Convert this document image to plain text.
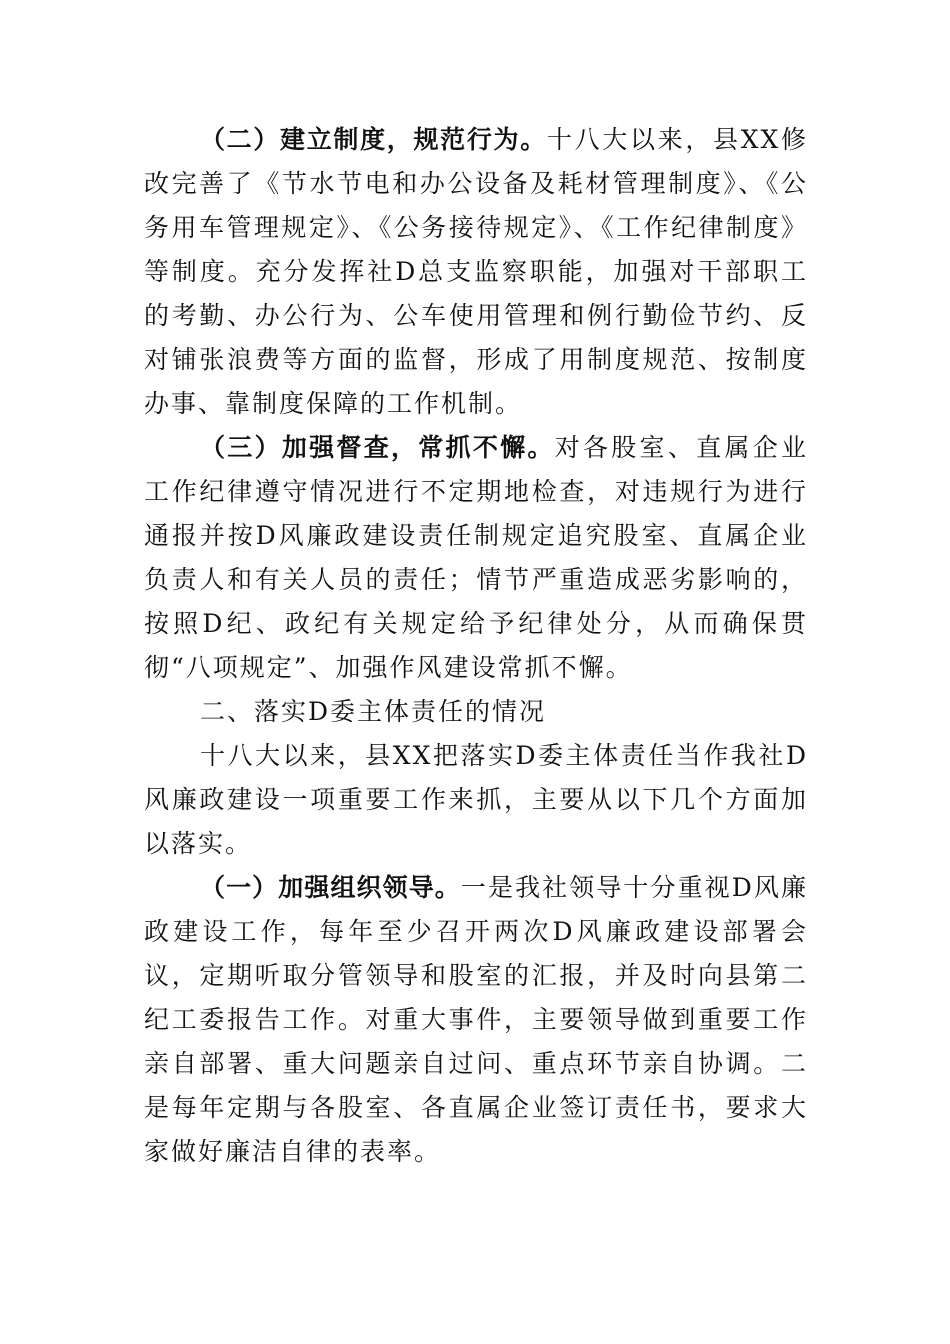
（二）建立制度，规范行为。十八大以来，县XX修改完善了《节水节电和办公设备及耗材管理制度》、《公务用车管理规定》、《公务接待规定》、《工作纪律制度》等制度。充分发挥社D总支监察职能，加强对干部职工的考勤、办公行为、公车使用管理和例行勤俭节约、反对铺张浪费等方面的监督，形成了用制度规范、按制度办事、靠制度保障的工作机制。

（三）加强督查，常抓不懈。对各股室、直属企业工作纪律遵守情况进行不定期地检查，对违规行为进行通报并按D风廉政建设责任制规定追究股室、直属企业负责人和有关人员的责任；情节严重造成恶劣影响的，按照D纪、政纪有关规定给予纪律处分，从而确保贯彻“八项规定”、加强作风建设常抓不懈。

二、落实D委主体责任的情况

十八大以来，县XX把落实D委主体责任当作我社D风廉政建设一项重要工作来抓，主要从以下几个方面加以落实。

（一）加强组织领导。一是我社领导十分重视D风廉政建设工作，每年至少召开两次D风廉政建设部署会议，定期听取分管领导和股室的汇报，并及时向县第二纪工委报告工作。对重大事件，主要领导做到重要工作亲自部署、重大问题亲自过问、重点环节亲自协调。二是每年定期与各股室、各直属企业签订责任书，要求大家做好廉洁自律的表率。
